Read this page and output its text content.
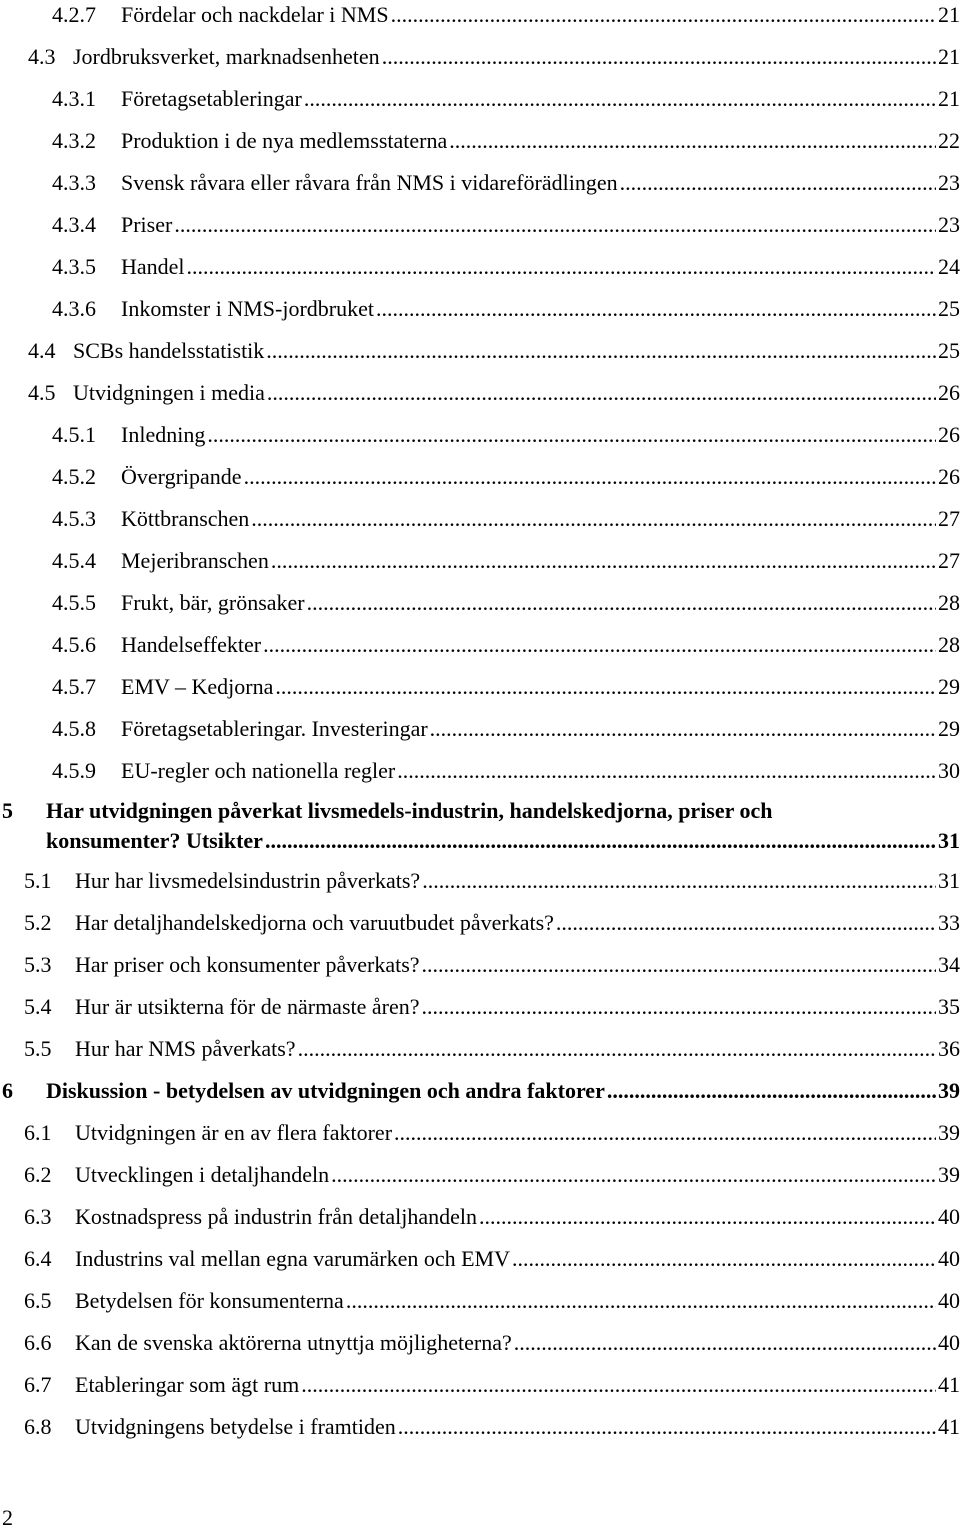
4.2.7 Fördelar och nackdelar i NMS .....	21
4.3 Jordbruksverket, marknadsenheten .....	21
4.3.1 Företagsetableringar .....	21
4.3.2 Produktion i de nya medlemsstaterna .....	22
4.3.3 Svensk råvara eller råvara från NMS i vidareförädlingen .....	23
4.3.4 Priser .....	23
4.3.5 Handel .....	24
4.3.6 Inkomster i NMS-jordbruket .....	25
4.4 SCBs handelsstatistik .....	25
4.5 Utvidgningen i media .....	26
4.5.1 Inledning .....	26
4.5.2 Övergripande .....	26
4.5.3 Köttbranschen .....	27
4.5.4 Mejeribranschen .....	27
4.5.5 Frukt, bär, grönsaker .....	28
4.5.6 Handelseffekter .....	28
4.5.7 EMV – Kedjorna .....	29
4.5.8 Företagsetableringar. Investeringar .....	29
4.5.9 EU-regler och nationella regler .....	30
5 Har utvidgningen påverkat livsmedels-industrin, handelskedjorna, priser och
konsumenter? Utsikter .....	31
5.1 Hur har livsmedelsindustrin påverkats? .....	31
5.2 Har detaljhandelskedjorna och varuutbudet påverkats? .....	33
5.3 Har priser och konsumenter påverkats? .....	34
5.4 Hur är utsikterna för de närmaste åren? .....	35
5.5 Hur har NMS påverkats? .....	36
6 Diskussion - betydelsen av utvidgningen och andra faktorer .....	39
6.1 Utvidgningen är en av flera faktorer .....	39
6.2 Utvecklingen i detaljhandeln .....	39
6.3 Kostnadspress på industrin från detaljhandeln .....	40
6.4 Industrins val mellan egna varumärken och EMV .....	40
6.5 Betydelsen för konsumenterna .....	40
6.6 Kan de svenska aktörerna utnyttja möjligheterna? .....	40
6.7 Etableringar som ägt rum .....	41
6.8 Utvidgningens betydelse i framtiden .....	41
2
